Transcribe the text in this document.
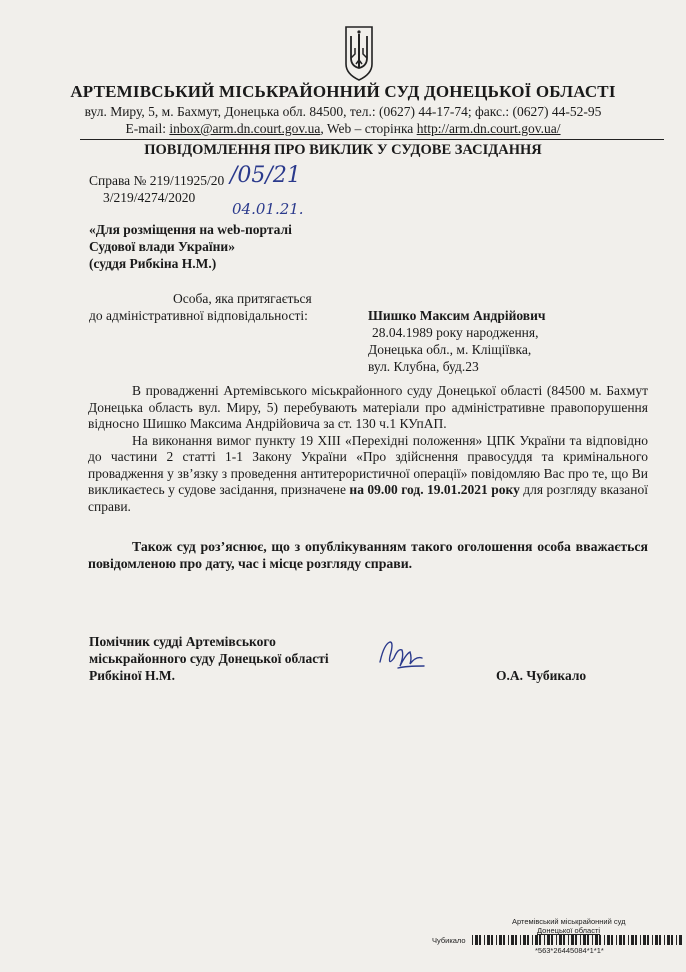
АРТЕМІВСЬКИЙ МІСЬКРАЙОННИЙ СУД ДОНЕЦЬКОЇ ОБЛАСТІ
вул. Миру, 5, м. Бахмут, Донецька обл. 84500, тел.: (0627) 44-17-74; факс.: (0627) 44-52-95
E-mail: inbox@arm.dn.court.gov.ua, Web – сторінка http://arm.dn.court.gov.ua/
ПОВІДОМЛЕННЯ ПРО ВИКЛИК У СУДОВЕ ЗАСІДАННЯ
Справа № 219/11925/20
3/219/4274/2020
/05/21
04.01.21.
«Для розміщення на web-порталі
Судової влади України»
(суддя Рибкіна Н.М.)
Особа, яка притягається
до адміністративної відповідальності:	Шишко Максим Андрійович
28.04.1989 року народження,
Донецька обл., м. Кліщіївка,
вул. Клубна, буд.23

В провадженні Артемівського міськрайонного суду Донецької області (84500 м. Бахмут Донецька область вул. Миру, 5) перебувають матеріали про адміністративне правопорушення відносно Шишко Максима Андрійовича за ст. 130 ч.1 КУпАП.

На виконання вимог пункту 19 ХІІІ «Перехідні положення» ЦПК України та відповідно до частини 2 статті 1-1 Закону України «Про здійснення правосуддя та кримінального провадження у зв’язку з проведення антитерористичної операції» повідомляю Вас про те, що Ви викликаєтесь у судове засідання, призначене на 09.00 год. 19.01.2021 року для розгляду вказаної справи.

Також суд роз’яснює, що з опублікуванням такого оголошення особа вважається повідомленою про дату, час і місце розгляду справи.
Помічник судді Артемівського
міськрайонного суду Донецької області
Рибкіної Н.М.	О.А. Чубикало
Артемівський міськрайонний суд
Донецької області
Чубикало
*563*26445084*1*1*
